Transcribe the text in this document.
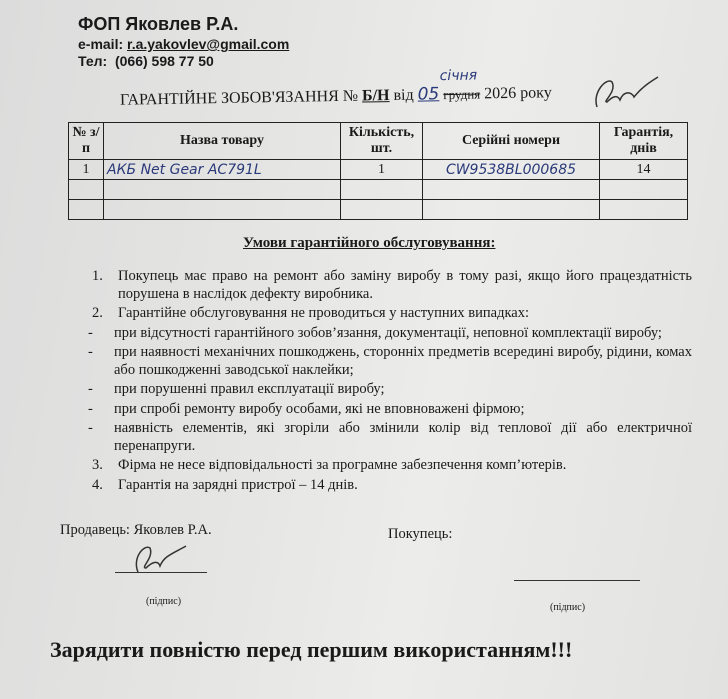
ФОП Яковлев Р.А.
e-mail: r.a.yakovlev@gmail.com
Тел: (066) 598 77 50
ГАРАНТІЙНЕ ЗОБОВ'ЯЗАННЯ № Б/Н від 05 грудня
січня
2026 року
№ з/п	Назва товару	Кількість, шт.	Серійні номери	Гарантія, днів
1	АКБ Net Gear AC791L	1	CW9538BL000685	14

Умови гарантійного обслуговування:
1.	Покупець має право на ремонт або заміну виробу в тому разі, якщо його працездатність порушена в наслідок дефекту виробника.
2.	Гарантійне обслуговування не проводиться у наступних випадках:
-	при відсутності гарантійного зобов’язання, документації, неповної комплектації виробу;
-	при наявності механічних пошкоджень, сторонніх предметів всередині виробу, рідини, комах або пошкодженні заводської наклейки;
-	при порушенні правил експлуатації виробу;
-	при спробі ремонту виробу особами, які не вповноважені фірмою;
-	наявність елементів, які згоріли або змінили колір від теплової дії або електричної перенапруги.
3.	Фірма не несе відповідальності за програмне забезпечення комп’ютерів.
4.	Гарантія на зарядні пристрої – 14 днів.
Продавець: Яковлев Р.А.	Покупець:
(підпис)
(підпис)
Зарядити повністю перед першим використанням!!!
